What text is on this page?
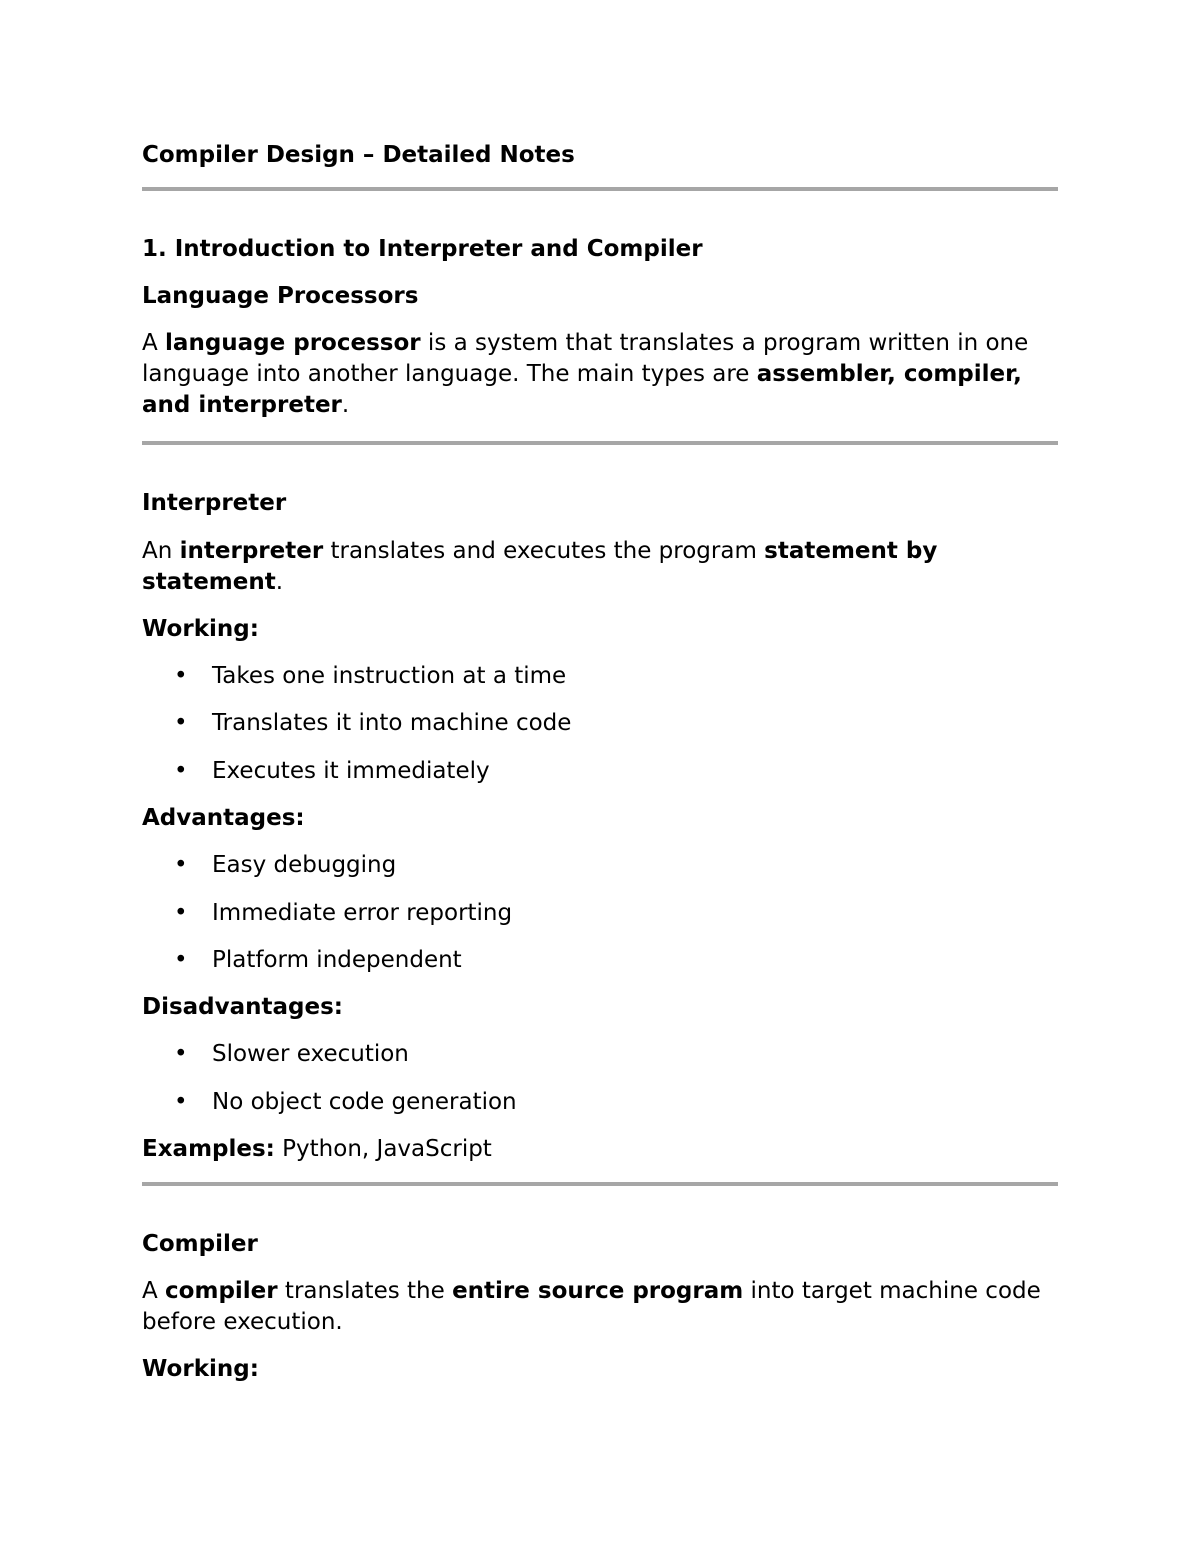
Compiler Design – Detailed Notes
1. Introduction to Interpreter and Compiler
Language Processors

A language processor is a system that translates a program written in one language into another language. The main types are assembler, compiler, and interpreter.

Interpreter

An interpreter translates and executes the program statement by statement.

Working:
• Takes one instruction at a time
• Translates it into machine code
• Executes it immediately
Advantages:
• Easy debugging
• Immediate error reporting
• Platform independent
Disadvantages:
• Slower execution
• No object code generation

Examples: Python, JavaScript

Compiler

A compiler translates the entire source program into target machine code before execution.

Working:
